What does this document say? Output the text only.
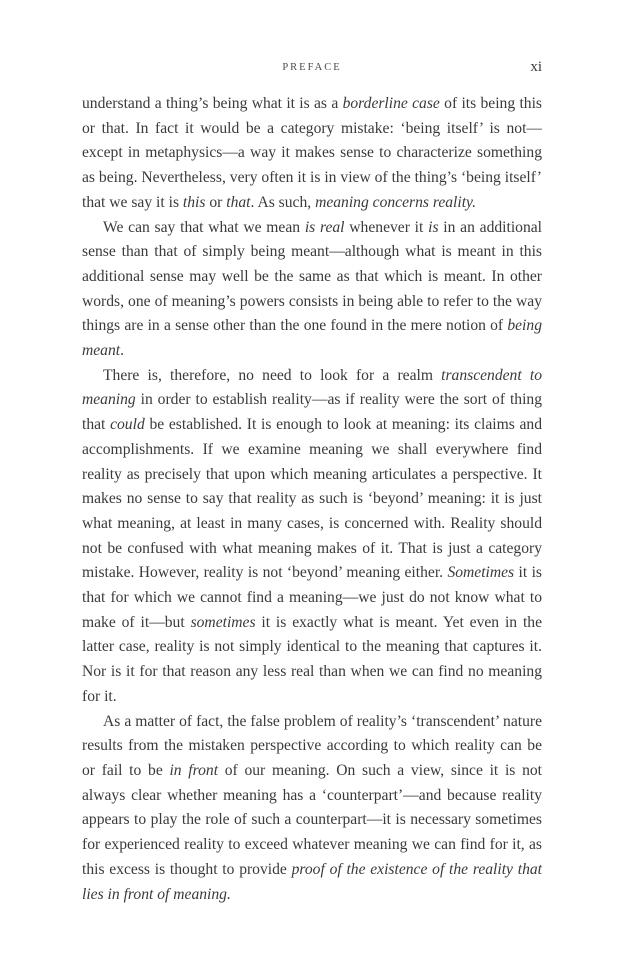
PREFACE	xi

understand a thing’s being what it is as a borderline case of its being this or that. In fact it would be a category mistake: ‘being itself’ is not—except in metaphysics—a way it makes sense to characterize something as being. Nevertheless, very often it is in view of the thing’s ‘being itself’ that we say it is this or that. As such, meaning concerns reality.

We can say that what we mean is real whenever it is in an additional sense than that of simply being meant—although what is meant in this additional sense may well be the same as that which is meant. In other words, one of meaning’s powers consists in being able to refer to the way things are in a sense other than the one found in the mere notion of being meant.

There is, therefore, no need to look for a realm transcendent to meaning in order to establish reality—as if reality were the sort of thing that could be established. It is enough to look at meaning: its claims and accomplishments. If we examine meaning we shall everywhere find reality as precisely that upon which meaning articulates a perspective. It makes no sense to say that reality as such is ‘beyond’ meaning: it is just what meaning, at least in many cases, is concerned with. Reality should not be confused with what meaning makes of it. That is just a category mistake. However, reality is not ‘beyond’ meaning either. Sometimes it is that for which we cannot find a meaning—we just do not know what to make of it—but sometimes it is exactly what is meant. Yet even in the latter case, reality is not simply identical to the meaning that captures it. Nor is it for that reason any less real than when we can find no meaning for it.

As a matter of fact, the false problem of reality’s ‘transcendent’ nature results from the mistaken perspective according to which reality can be or fail to be in front of our meaning. On such a view, since it is not always clear whether meaning has a ‘counterpart’—and because reality appears to play the role of such a counterpart—it is necessary sometimes for experienced reality to exceed whatever meaning we can find for it, as this excess is thought to provide proof of the existence of the reality that lies in front of meaning.
